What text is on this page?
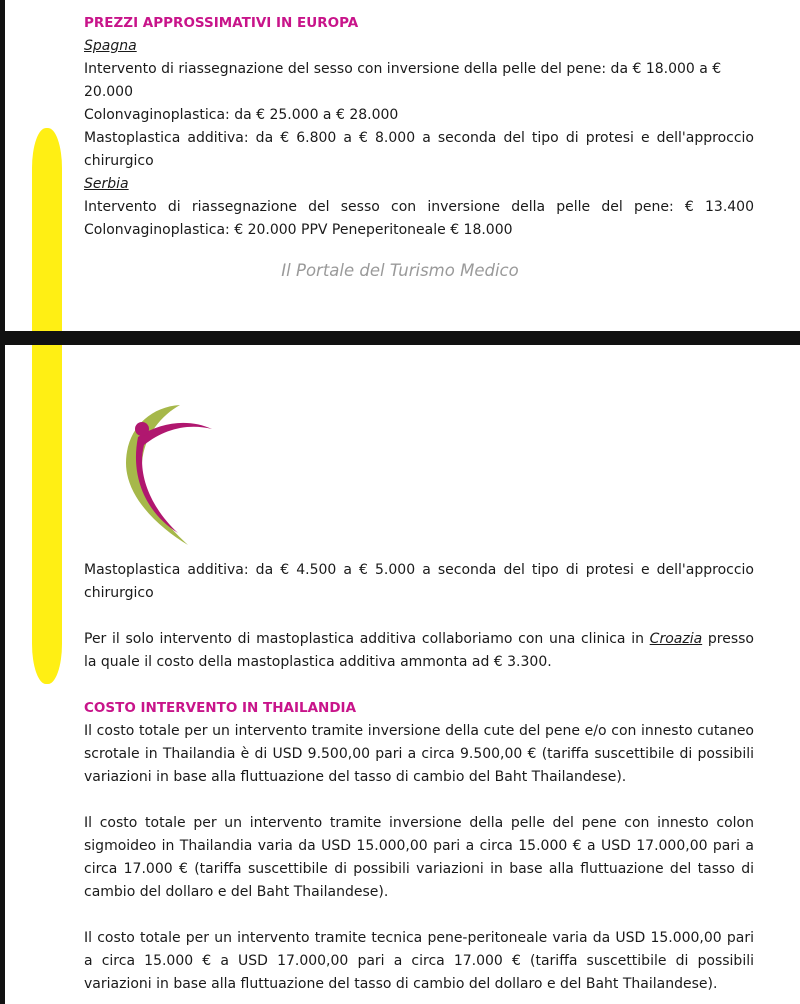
PREZZI APPROSSIMATIVI IN EUROPA

Spagna

Intervento di riassegnazione del sesso con inversione della pelle del pene: da € 18.000 a € 20.000

Colonvaginoplastica: da € 25.000 a € 28.000

Mastoplastica additiva: da € 6.800 a € 8.000 a seconda del tipo di protesi e dell'approccio chirurgico

Serbia

Intervento di riassegnazione del sesso con inversione della pelle del pene: € 13.400

Colonvaginoplastica: € 20.000 PPV Peneperitoneale € 18.000

Il Portale del Turismo Medico

Mastoplastica additiva: da € 4.500 a € 5.000 a seconda del tipo di protesi e dell'approccio chirurgico

Per il solo intervento di mastoplastica additiva collaboriamo con una clinica in Croazia presso la quale il costo della mastoplastica additiva ammonta ad € 3.300.

COSTO INTERVENTO IN THAILANDIA

Il costo totale per un intervento tramite inversione della cute del pene e/o con innesto cutaneo scrotale in Thailandia è di USD 9.500,00 pari a circa 9.500,00 € (tariffa suscettibile di possibili variazioni in base alla fluttuazione del tasso di cambio del Baht Thailandese).

Il costo totale per un intervento tramite inversione della pelle del pene con innesto colon sigmoideo in Thailandia varia da USD 15.000,00 pari a circa 15.000 € a USD 17.000,00 pari a circa 17.000 € (tariffa suscettibile di possibili variazioni in base alla fluttuazione del tasso di cambio del dollaro e del Baht Thailandese).

Il costo totale per un intervento tramite tecnica pene-peritoneale varia da USD 15.000,00 pari a circa 15.000 € a USD 17.000,00 pari a circa 17.000 € (tariffa suscettibile di possibili variazioni in base alla fluttuazione del tasso di cambio del dollaro e del Baht Thailandese).
